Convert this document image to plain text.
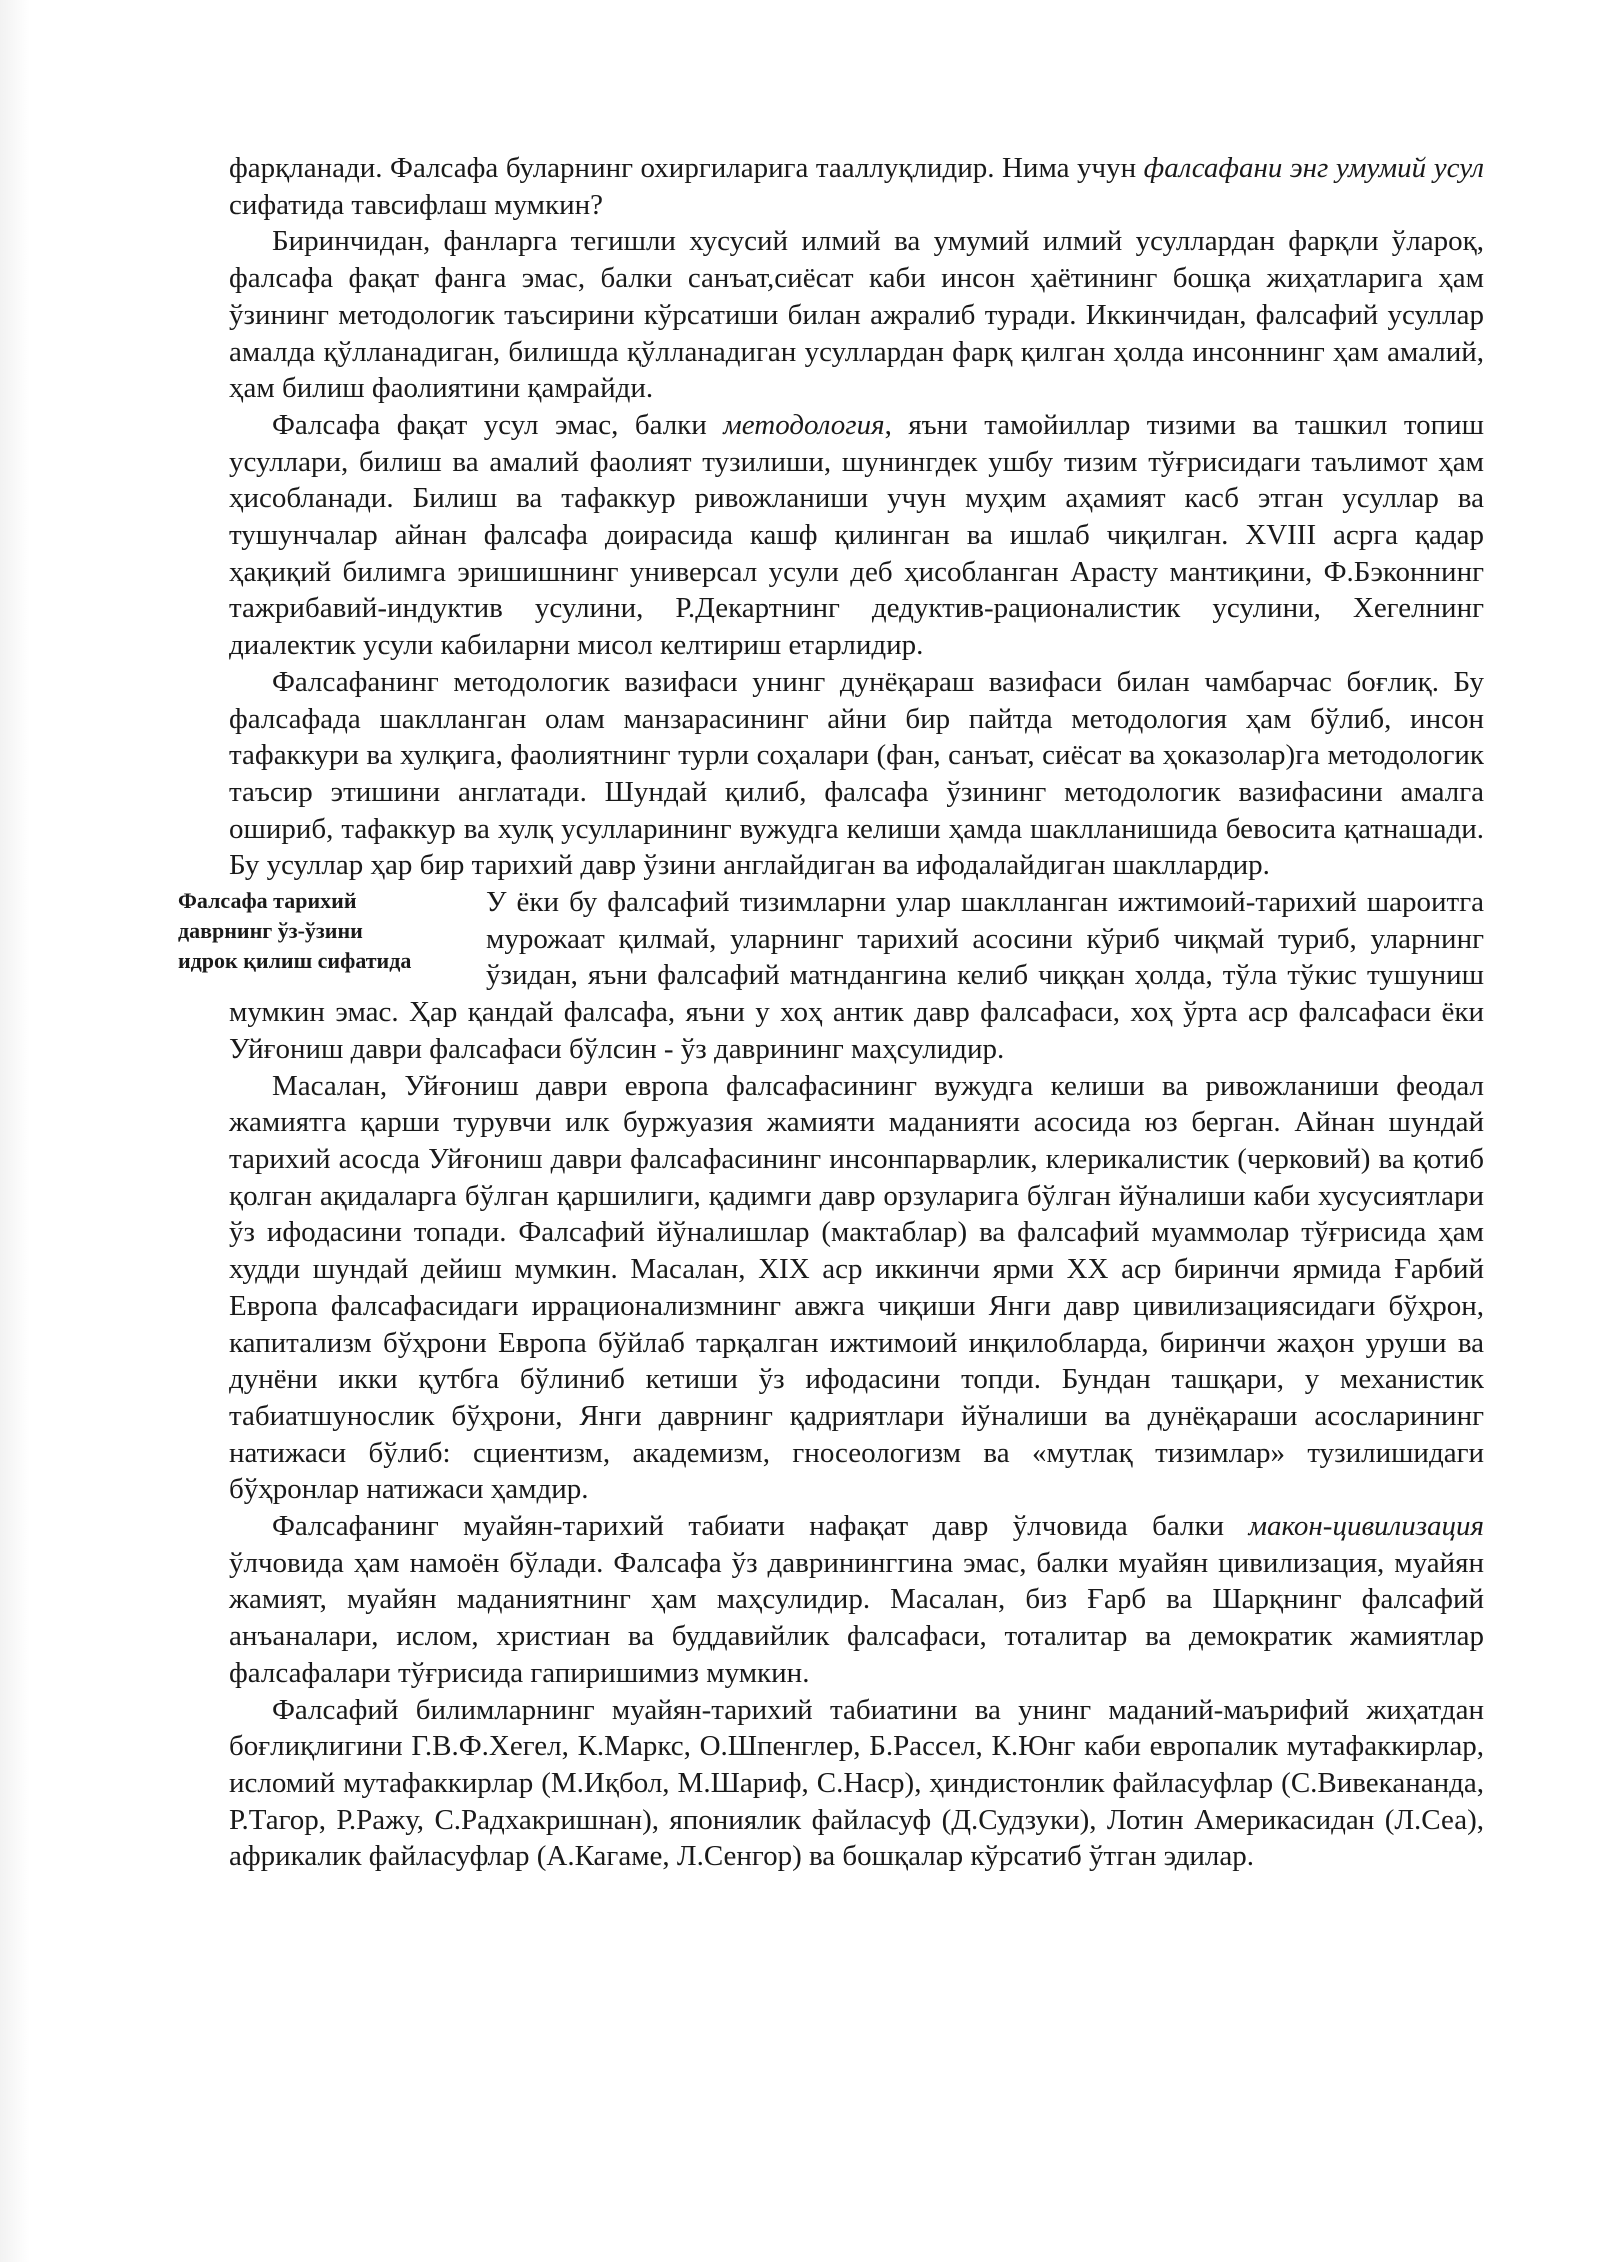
фарқланади. Фалсафа буларнинг охиргиларига тааллуқлидир. Нима учун фалсафани энг умумий усул сифатида тавсифлаш мумкин?

Биринчидан, фанларга тегишли хусусий илмий ва умумий илмий усуллардан фарқли ўлароқ, фалсафа фақат фанга эмас, балки санъат,сиёсат каби инсон ҳаётининг бошқа жиҳатларига ҳам ўзининг методологик таъсирини кўрсатиши билан ажралиб туради. Иккинчидан, фалсафий усуллар амалда қўлланадиган, билишда қўлланадиган усуллардан фарқ қилган ҳолда инсоннинг ҳам амалий, ҳам билиш фаолиятини қамрайди.

Фалсафа фақат усул эмас, балки методология, яъни тамойиллар тизими ва ташкил топиш усуллари, билиш ва амалий фаолият тузилиши, шунингдек ушбу тизим тўғрисидаги таълимот ҳам ҳисобланади. Билиш ва тафаккур ривожланиши учун муҳим аҳамият касб этган усуллар ва тушунчалар айнан фалсафа доирасида кашф қилинган ва ишлаб чиқилган. XVIII асрга қадар ҳақиқий билимга эришишнинг универсал усули деб ҳисобланган Арасту мантиқини, Ф.Бэконнинг тажрибавий-индуктив усулини, Р.Декартнинг дедуктив-рационалистик усулини, Хегелнинг диалектик усули кабиларни мисол келтириш етарлидир.

Фалсафанинг методологик вазифаси унинг дунёқараш вазифаси билан чамбарчас боғлиқ. Бу фалсафада шаклланган олам манзарасининг айни бир пайтда методология ҳам бўлиб, инсон тафаккури ва хулқига, фаолиятнинг турли соҳалари (фан, санъат, сиёсат ва ҳоказолар)га методологик таъсир этишини англатади. Шундай қилиб, фалсафа ўзининг методологик вазифасини амалга ошириб, тафаккур ва хулқ усулларининг вужудга келиши ҳамда шаклланишида бевосита қатнашади. Бу усуллар ҳар бир тарихий давр ўзини англайдиган ва ифодалайдиган шакллардир.

Фалсафа тарихий
даврнинг ўз-ўзини
идрок қилиш сифатида

У ёки бу фалсафий тизимларни улар шаклланган ижтимоий-тарихий шароитга мурожаат қилмай, уларнинг тарихий асосини кўриб чиқмай туриб, уларнинг ўзидан, яъни фалсафий матндангина келиб чиққан ҳолда, тўла тўкис тушуниш мумкин эмас. Ҳар қандай фалсафа, яъни у хоҳ антик давр фалсафаси, хоҳ ўрта аср фалсафаси ёки Уйғониш даври фалсафаси бўлсин - ўз даврининг маҳсулидир.

Масалан, Уйғониш даври европа фалсафасининг вужудга келиши ва ривожланиши феодал жамиятга қарши турувчи илк буржуазия жамияти маданияти асосида юз берган. Айнан шундай тарихий асосда Уйғониш даври фалсафасининг инсонпарварлик, клерикалистик (черковий) ва қотиб қолган ақидаларга бўлган қаршилиги, қадимги давр орзуларига бўлган йўналиши каби хусусиятлари ўз ифодасини топади. Фалсафий йўналишлар (мактаблар) ва фалсафий муаммолар тўғрисида ҳам худди шундай дейиш мумкин. Масалан, XIX аср иккинчи ярми XX аср биринчи ярмида Ғарбий Европа фалсафасидаги иррационализмнинг авжга чиқиши Янги давр цивилизациясидаги бўҳрон, капитализм бўҳрони Европа бўйлаб тарқалган ижтимоий инқилобларда, биринчи жаҳон уруши ва дунёни икки қутбга бўлиниб кетиши ўз ифодасини топди. Бундан ташқари, у механистик табиатшунослик бўҳрони, Янги даврнинг қадриятлари йўналиши ва дунёқараши асосларининг натижаси бўлиб: сциентизм, академизм, гносеологизм ва «мутлақ тизимлар» тузилишидаги бўҳронлар натижаси ҳамдир.

Фалсафанинг муайян-тарихий табиати нафақат давр ўлчовида балки макон-цивилизация ўлчовида ҳам намоён бўлади. Фалсафа ўз даврининггина эмас, балки муайян цивилизация, муайян жамият, муайян маданиятнинг ҳам маҳсулидир. Масалан, биз Ғарб ва Шарқнинг фалсафий анъаналари, ислом, христиан ва буддавийлик фалсафаси, тоталитар ва демократик жамиятлар фалсафалари тўғрисида гапиришимиз мумкин.

Фалсафий билимларнинг муайян-тарихий табиатини ва унинг маданий-маърифий жиҳатдан боғлиқлигини Г.В.Ф.Хегел, К.Маркс, О.Шпенглер, Б.Рассел, К.Юнг каби европалик мутафаккирлар, исломий мутафаккирлар (М.Иқбол, М.Шариф, С.Наср), ҳиндистонлик файласуфлар (С.Вивекананда, Р.Тагор, Р.Ражу, С.Радхакришнан), япониялик файласуф (Д.Судзуки), Лотин Америкасидан (Л.Сеа), африкалик файласуфлар (А.Кагаме, Л.Сенгор) ва бошқалар кўрсатиб ўтган эдилар.
